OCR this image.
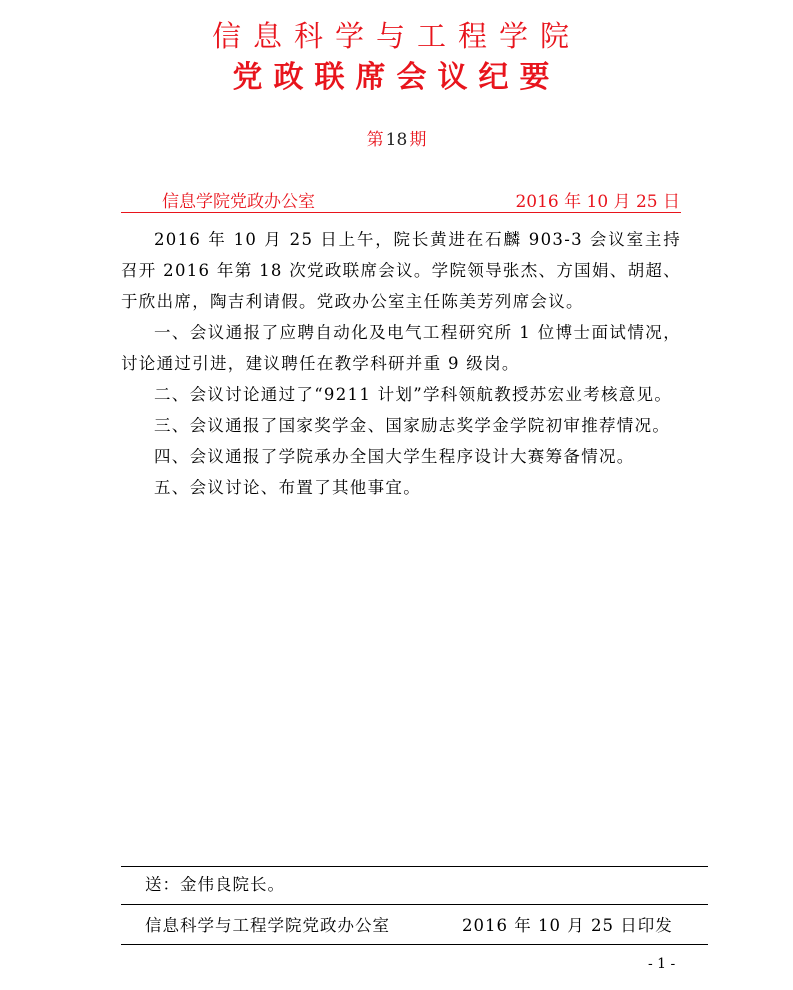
信息科学与工程学院
党政联席会议纪要
第 18 期
信息学院党政办公室	2016 年 10 月 25 日

2016 年 10 月 25 日上午，院长黄进在石麟 903-3 会议室主持召开 2016 年第 18 次党政联席会议。学院领导张杰、方国娟、胡超、于欣出席，陶吉利请假。党政办公室主任陈美芳列席会议。

一、会议通报了应聘自动化及电气工程研究所 1 位博士面试情况，讨论通过引进，建议聘任在教学科研并重 9 级岗。

二、会议讨论通过了“9211 计划”学科领航教授苏宏业考核意见。

三、会议通报了国家奖学金、国家励志奖学金学院初审推荐情况。

四、会议通报了学院承办全国大学生程序设计大赛筹备情况。

五、会议讨论、布置了其他事宜。

送：金伟良院长。
信息科学与工程学院党政办公室	2016 年 10 月 25 日印发
- 1 -
